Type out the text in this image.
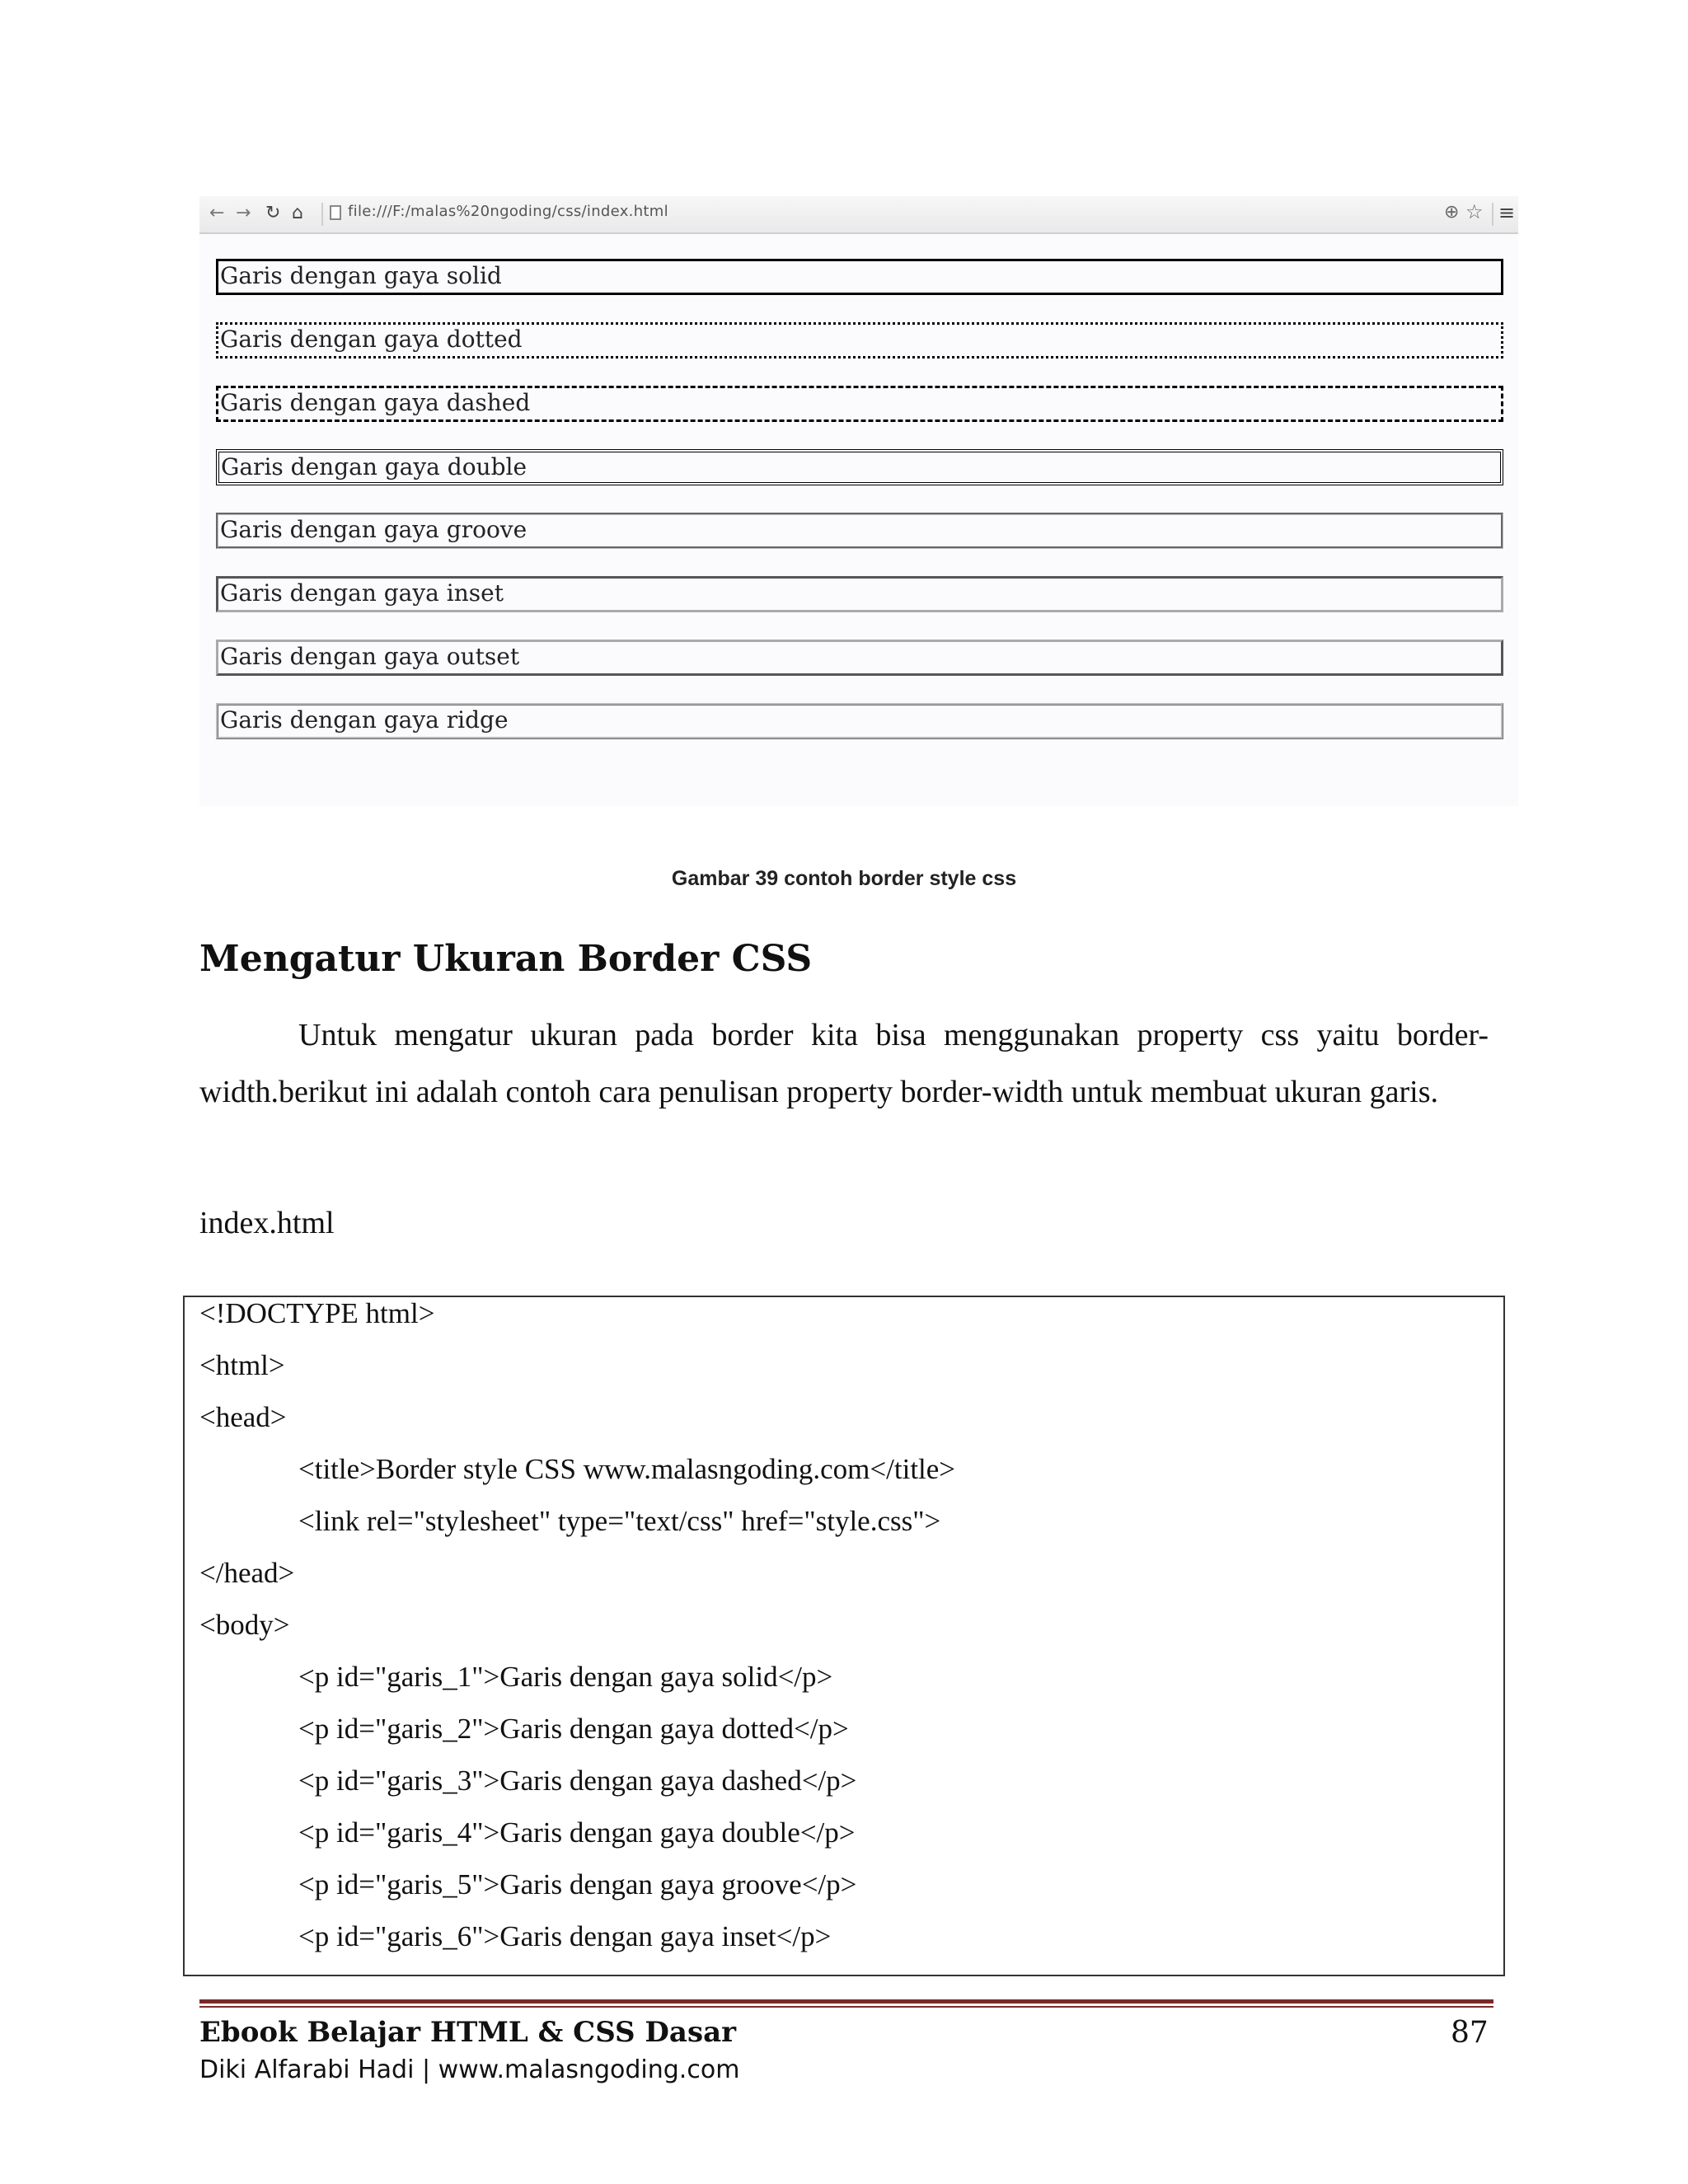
← → ↻ ⌂	file:///F:/malas%20ngoding/css/index.html	⊕ ☆ ≡

Garis dengan gaya solid

Garis dengan gaya dotted

Garis dengan gaya dashed

Garis dengan gaya double

Garis dengan gaya groove

Garis dengan gaya inset

Garis dengan gaya outset

Garis dengan gaya ridge

Gambar 39 contoh border style css
Mengatur Ukuran Border CSS

Untuk mengatur ukuran pada border kita bisa menggunakan property css yaitu border-width.berikut ini adalah contoh cara penulisan property border-width untuk membuat ukuran garis.

index.html

<!DOCTYPE html>
<html>
<head>
<title>Border style CSS www.malasngoding.com</title>
<link rel="stylesheet" type="text/css" href="style.css">
</head>
<body>
<p id="garis_1">Garis dengan gaya solid</p>
<p id="garis_2">Garis dengan gaya dotted</p>
<p id="garis_3">Garis dengan gaya dashed</p>
<p id="garis_4">Garis dengan gaya double</p>
<p id="garis_5">Garis dengan gaya groove</p>
<p id="garis_6">Garis dengan gaya inset</p>
Ebook Belajar HTML & CSS Dasar	87
Diki Alfarabi Hadi | www.malasngoding.com
